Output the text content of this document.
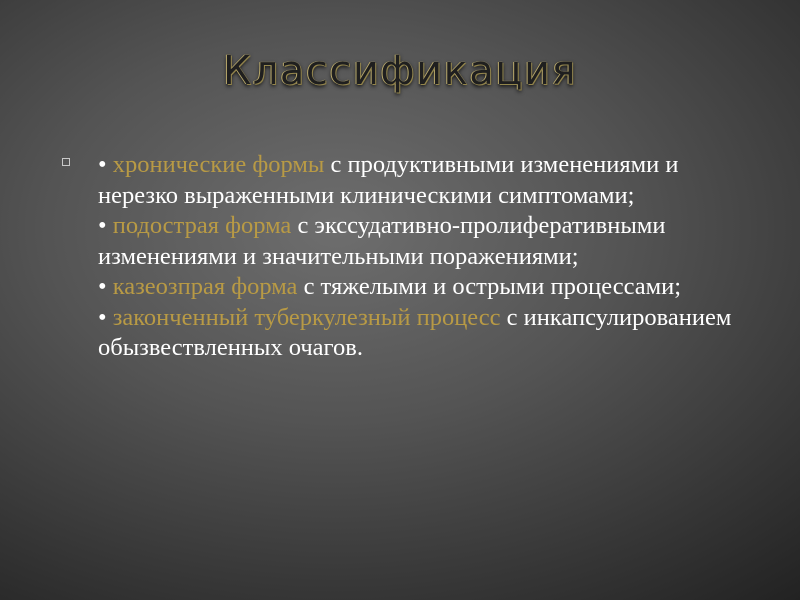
Классификация
• хронические формы с продуктивными изменениями и нерезко выраженными клиническими симптомами;
• подострая форма с экссудативно-пролиферативными изменениями и значительными поражениями;
• казеозпрая форма с тяжелыми и острыми процессами;
• законченный туберкулезный процесс с инкапсулированием обызвествленных очагов.
